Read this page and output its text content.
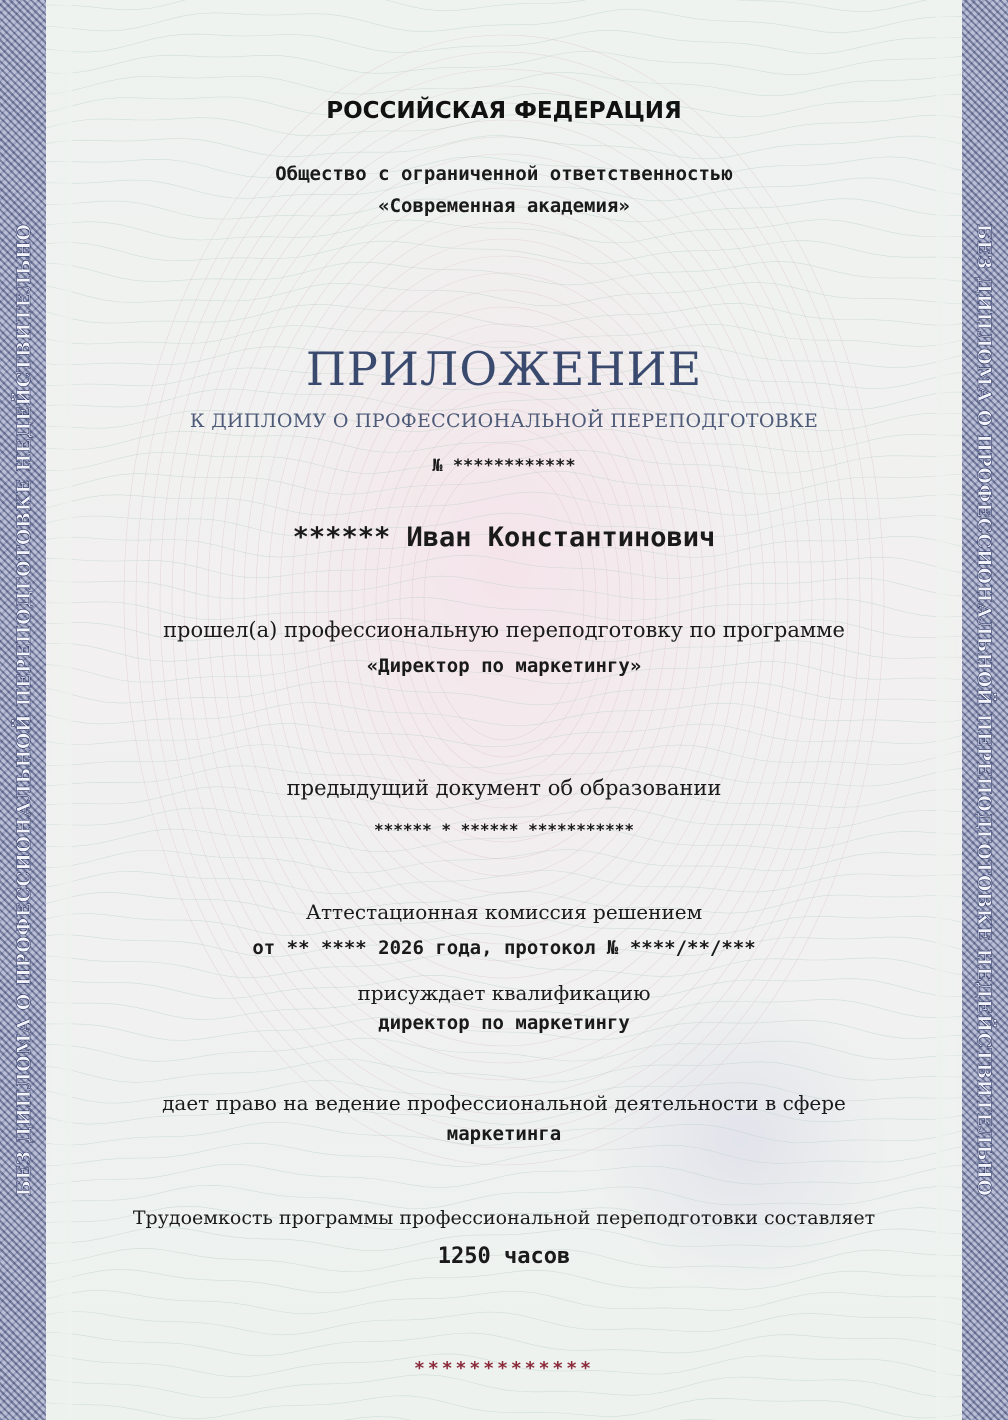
БЕЗ ДИПЛОМА О ПРОФЕССИОНАЛЬНОЙ ПЕРЕПОДГОТОВКЕ НЕДЕЙСТВИТЕЛЬНО	БЕЗ ДИПЛОМА О ПРОФЕССИОНАЛЬНОЙ ПЕРЕПОДГОТОВКЕ НЕДЕЙСТВИТЕЛЬНО
РОССИЙСКАЯ ФЕДЕРАЦИЯ
Общество с ограниченной ответственностью
«Современная академия»
ПРИЛОЖЕНИЕ
К ДИПЛОМУ О ПРОФЕССИОНАЛЬНОЙ ПЕРЕПОДГОТОВКЕ
№ ************
****** Иван Константинович
прошел(а) профессиональную переподготовку по программе
«Директор по маркетингу»
предыдущий документ об образовании
****** * ****** ***********
Аттестационная комиссия решением
от ** **** 2026 года, протокол № ****/**/***
присуждает квалификацию
директор по маркетингу
дает право на ведение профессиональной деятельности в сфере
маркетинга
Трудоемкость программы профессиональной переподготовки составляет
1250 часов
*************
